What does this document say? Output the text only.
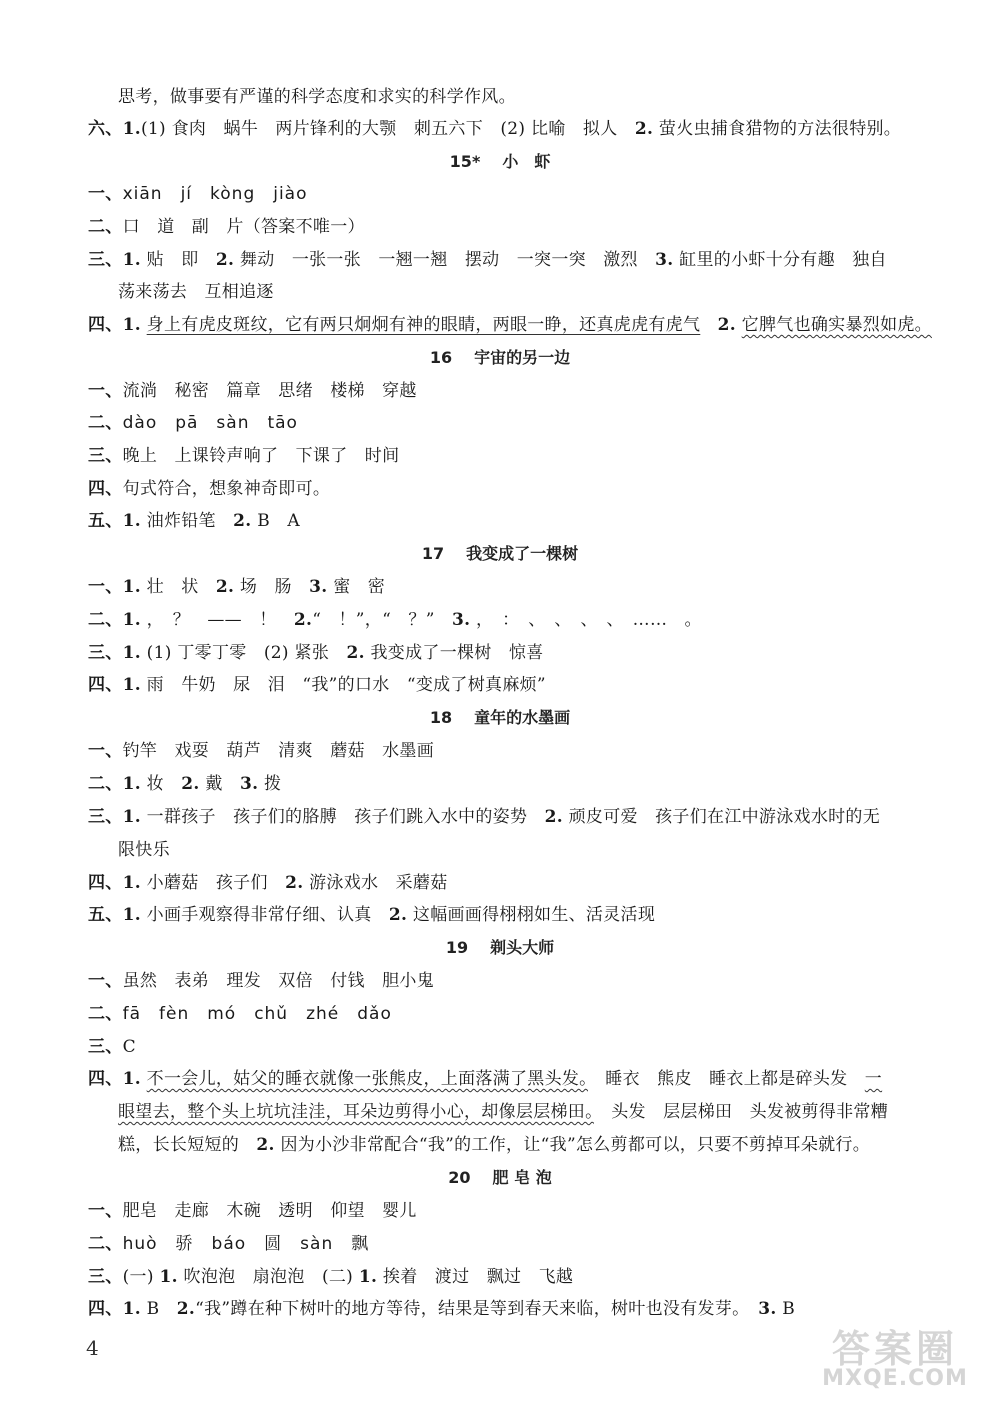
思考，做事要有严谨的科学态度和求实的科学作风。
六、1.(1) 食肉　蜗牛　两片锋利的大颚　刺五六下　(2) 比喻　拟人　2. 萤火虫捕食猎物的方法很特别。
15* 小　虾
一、xiān　jí　kòng　jiào
二、口　道　副　片（答案不唯一）
三、1. 贴　即　2. 舞动　一张一张　一翘一翘　摆动　一突一突　激烈　3. 缸里的小虾十分有趣　独自
荡来荡去　互相追逐
四、1. 身上有虎皮斑纹，它有两只炯炯有神的眼睛，两眼一睁，还真虎虎有虎气　 2. 它脾气也确实暴烈如虎。
16 宇宙的另一边
一、流淌　秘密　篇章　思绪　楼梯　穿越
二、dào　pā　sàn　tāo
三、晚上　上课铃声响了　下课了　时间
四、句式符合，想象神奇即可。
五、1. 油炸铅笔　2. B　A
17 我变成了一棵树
一、1. 壮　状　2. 场　肠　3. 蜜　密
二、1. ，　？　——　！　2.“　！”，“　？”　3. ，　：　、　、　、　、　……　。
三、1. (1) 丁零丁零　(2) 紧张　2. 我变成了一棵树　惊喜
四、1. 雨　牛奶　尿　泪　“我”的口水　“变成了树真麻烦”
18 童年的水墨画
一、钓竿　戏耍　葫芦　清爽　蘑菇　水墨画
二、1. 妆　2. 戴　3. 拨
三、1. 一群孩子　孩子们的胳膊　孩子们跳入水中的姿势　2. 顽皮可爱　孩子们在江中游泳戏水时的无
限快乐
四、1. 小蘑菇　孩子们　2. 游泳戏水　采蘑菇
五、1. 小画手观察得非常仔细、认真　2. 这幅画画得栩栩如生、活灵活现
19 剃头大师
一、虽然　表弟　理发　双倍　付钱　胆小鬼
二、fā　fèn　mó　chǔ　zhé　dǎo
三、C
四、1. 不一会儿，姑父的睡衣就像一张熊皮，上面落满了黑头发。　睡衣　熊皮　睡衣上都是碎头发　一
眼望去，整个头上坑坑洼洼，耳朵边剪得小心，却像层层梯田。　头发　层层梯田　头发被剪得非常糟
糕，长长短短的　2. 因为小沙非常配合“我”的工作，让“我”怎么剪都可以，只要不剪掉耳朵就行。
20 肥 皂 泡
一、肥皂　走廊　木碗　透明　仰望　婴儿
二、huò　骄　báo　圆　sàn　飘
三、(一) 1. 吹泡泡　扇泡泡　(二) 1. 挨着　渡过　飘过　飞越
四、1. B　2.“我”蹲在种下树叶的地方等待，结果是等到春天来临，树叶也没有发芽。　3. B
4	答案圈
MXQE.COM
